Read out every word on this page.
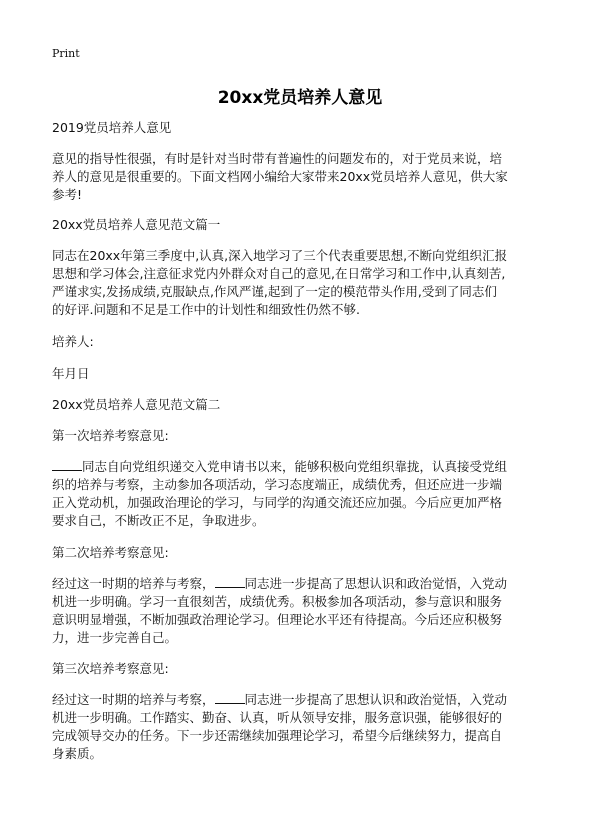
Print
20xx党员培养人意见
2019党员培养人意见
意见的指导性很强，有时是针对当时带有普遍性的问题发布的，对于党员来说，培
养人的意见是很重要的。下面文档网小编给大家带来20xx党员培养人意见，供大家
参考!
20xx党员培养人意见范文篇一
同志在20xx年第三季度中,认真,深入地学习了三个代表重要思想,不断向党组织汇报
思想和学习体会,注意征求党内外群众对自己的意见,在日常学习和工作中,认真刻苦,
严谨求实,发扬成绩,克服缺点,作风严谨,起到了一定的模范带头作用,受到了同志们
的好评.问题和不足是工作中的计划性和细致性仍然不够.
培养人:
年月日
20xx党员培养人意见范文篇二
第一次培养考察意见:
同志自向党组织递交入党申请书以来，能够积极向党组织靠拢，认真接受党组
织的培养与考察，主动参加各项活动，学习态度端正，成绩优秀，但还应进一步端
正入党动机，加强政治理论的学习，与同学的沟通交流还应加强。今后应更加严格
要求自己，不断改正不足，争取进步。
第二次培养考察意见:
经过这一时期的培养与考察， 同志进一步提高了思想认识和政治觉悟，入党动
机进一步明确。学习一直很刻苦，成绩优秀。积极参加各项活动，参与意识和服务
意识明显增强，不断加强政治理论学习。但理论水平还有待提高。今后还应积极努
力，进一步完善自己。
第三次培养考察意见:
经过这一时期的培养与考察， 同志进一步提高了思想认识和政治觉悟，入党动
机进一步明确。工作踏实、勤奋、认真，听从领导安排，服务意识强，能够很好的
完成领导交办的任务。下一步还需继续加强理论学习，希望今后继续努力，提高自
身素质。
